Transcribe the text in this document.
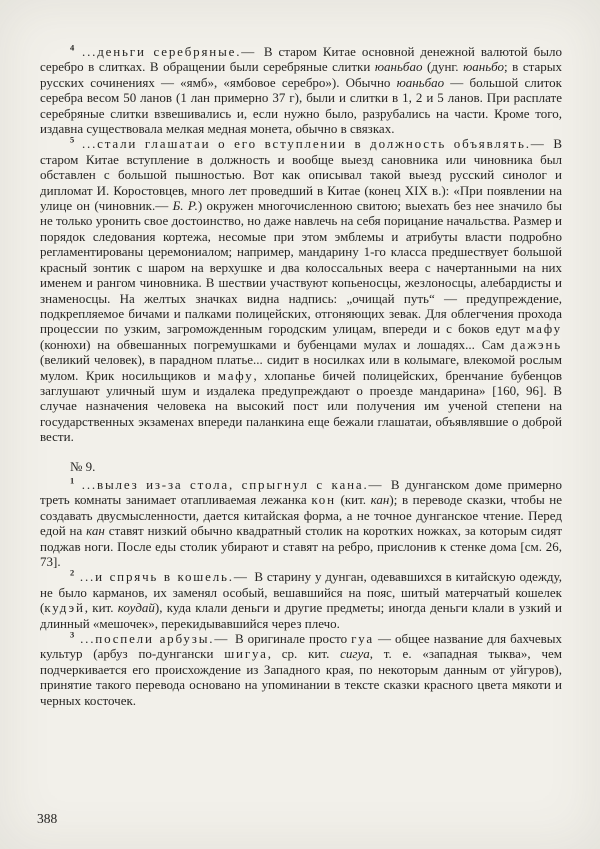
$^4$ ...деньги серебряные.— В старом Китае основной денежной валютой было серебро в слитках. В обращении были серебряные слитки юаньбао (дунг. юаньбо; в старых русских сочинениях — «ямб», «ямбовое серебро»). Обычно юаньбао — большой слиток серебра весом 50 ланов (1 лан примерно 37 г), были и слитки в 1, 2 и 5 ланов. При расплате серебряные слитки взвешивались и, если нужно было, разрубались на части. Кроме того, издавна существовала мелкая медная монета, обычно в связках.

$^5$ ...стали глашатаи о его вступлении в должность объявлять.— В старом Китае вступление в должность и вообще выезд сановника или чиновника был обставлен с большой пышностью. Вот как описывал такой выезд русский синолог и дипломат И. Коростовцев, много лет проведший в Китае (конец XIX в.): «При появлении на улице он (чиновник.— Б. Р.) окружен многочисленною свитою; выехать без нее значило бы не только уронить свое достоинство, но даже навлечь на себя порицание начальства. Размер и порядок следования кортежа, несомые при этом эмблемы и атрибуты власти подробно регламентированы церемониалом; например, мандарину 1-го класса предшествует большой красный зонтик с шаром на верхушке и два колоссальных веера с начертанными на них именем и рангом чиновника. В шествии участвуют копьеносцы, жезлоносцы, алебардисты и знаменосцы. На желтых значках видна надпись: „очищай путь“ — предупреждение, подкрепляемое бичами и палками полицейских, отгоняющих зевак. Для облегчения прохода процессии по узким, загроможденным городским улицам, впереди и с боков едут мафу (конюхи) на обвешанных погремушками и бубенцами мулах и лошадях... Сам дажэнь (великий человек), в парадном платье... сидит в носилках или в колымаге, влекомой рослым мулом. Крик носильщиков и мафу, хлопанье бичей полицейских, бренчание бубенцов заглушают уличный шум и издалека предупреждают о проезде мандарина» [160, 96]. В случае назначения человека на высокий пост или получения им ученой степени на государственных экзаменах впереди паланкина еще бежали глашатаи, объявлявшие о доброй вести.

№ 9.

$^1$ ...вылез из-за стола, спрыгнул с кана.— В дунганском доме примерно треть комнаты занимает отапливаемая лежанка кон (кит. кан); в переводе сказки, чтобы не создавать двусмысленности, дается китайская форма, а не точное дунганское чтение. Перед едой на кан ставят низкий обычно квадратный столик на коротких ножках, за которым сидят поджав ноги. После еды столик убирают и ставят на ребро, прислонив к стенке дома [см. 26, 73].

$^2$ ...и спрячь в кошель.— В старину у дунган, одевавшихся в китайскую одежду, не было карманов, их заменял особый, вешавшийся на пояс, шитый матерчатый кошелек (кудэй, кит. коудай), куда клали деньги и другие предметы; иногда деньги клали в узкий и длинный «мешочек», перекидывавшийся через плечо.

$^3$ ...поспели арбузы.— В оригинале просто гуа — общее название для бахчевых культур (арбуз по-дунгански шигуа, ср. кит. сигуа, т. е. «западная тыква», чем подчеркивается его происхождение из Западного края, по некоторым данным от уйгуров), принятие такого перевода основано на упоминании в тексте сказки красного цвета мякоти и черных косточек.

388
